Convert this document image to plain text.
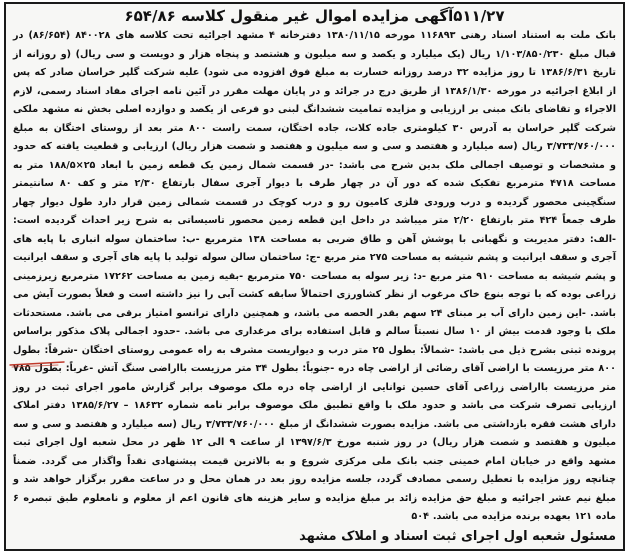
۵۱۱/۲۷آگهی مزایده اموال غیر منقول کلاسه ۶۵۴/۸۶

بانک ملت به استناد اسناد رهنی ۱۱۶۸۹۳ مورخه ۱۳۸۰/۱۱/۱۵ دفترخانه ۴ مشهد اجرائیه تحت کلاسه های ۸۴۰۰۲۸ (۸۶/۶۵۴) در قبال مبلغ ۱/۱۰۳/۸۵۰/۲۳۰ ریال (یک میلیارد و یکصد و سه میلیون و هشتصد و پنجاه هزار و دویست و سی ریال) (و روزانه از تاریخ ۱۳۸۶/۶/۳۱ تا روز مزایده ۳۲ درصد روزانه خسارت به مبلغ فوق افزوده می شود) علیه شرکت گلپر خراسان صادر که پس از ابلاغ اجرائیه در مورخه ۱۳۸۶/۱/۳۰ از طریق درج در جرائد و در پایان مهلت مقرر در آئین نامه اجرای مفاد اسناد رسمی، لازم الاجراء و تقاضای بانک مبنی بر ارزیابی و مزایده تمامیت ششدانگ لبنی دو فرعی از یکصد و دوازده اصلی بخش نه مشهد ملکی شرکت گلپر خراسان به آدرس ۳۰ کیلومتری جاده کلات، جاده اختگان، سمت راست ۸۰۰ متر بعد از روستای اختگان به مبلغ ۳/۷۳۳/۷۶۰/۰۰۰ ریال (سه میلیارد و هفتصد و سی و سه میلیون و هفتصد و شصت هزار ریال) ارزیابی و قطعیت یافته که حدود و مشخصات و توصیف اجمالی ملک بدین شرح می باشد: -در قسمت شمال زمین یک قطعه زمین با ابعاد ۲۵×۱۸۸/۵ متر به مساحت ۴۷۱۸ مترمربع تفکیک شده که دور آن در چهار طرف با دیوار آجری سفال بارتفاع ۲/۳۰ متر و کف ۸۰ سانتیمتر سنگچینی محصور گردیده و درب ورودی فلزی کامیون رو و درب کوچک در قسمت شمالی زمین قرار دارد طول دیوار چهار طرف جمعاً ۴۲۴ متر بارتفاع ۲/۲۰ متر میباشد در داخل این قطعه زمین محصور تاسیساتی به شرح زیر احداث گردیده است: -الف: دفتر مدیریت و نگهبانی با پوشش آهن و طاق ضربی به مساحت ۱۳۸ مترمربع -ب: ساختمان سوله انباری با پایه های آجری و سقف ایرانیت و پشم شیشه به مساحت ۲۷۵ متر مربع -ج: ساختمان سالن سوله تولید با پایه های آجری و سقف ایرانیت و پشم شیشه به مساحت ۹۱۰ متر مربع -د: زیر سوله به مساحت ۷۵۰ مترمربع -بقیه زمین به مساحت ۱۷۲۶۲ مترمربع زیرزمینی زراعی بوده که با توجه بنوع خاک مرغوب از نظر کشاورزی احتمالاً سابقه کشت آبی را نیز داشته است و فعلاً بصورت آیش می باشد. -این زمین دارای آب بر مبنای ۲۴ سهم بقدر الحصه می باشد، و همچنین دارای ترانسو امتیاز برقی می باشد. مستحدثات ملک با وجود قدمت بیش از ۱۰ سال نسبتاً سالم و قابل استفاده برای مرغداری می باشد. -حدود اجمالی پلاک مذکور براساس پرونده ثبتی بشرح ذیل می باشد: -شمالاً: بطول ۲۵ متر درب و دیواریست مشرف به راه عمومی روستای اختگان -شرقاً: بطول ۸۰۰ متر مرزیست با اراضی آقای رضائی از اراضی چاه دره -جنوباً: بطول ۳۴ متر مرزیست بااراضی سنگ آتش -غرباً: بطول ۷۸۵ متر مرزیست بااراضی زراعی آقای حسین توانایی از اراضی چاه دره ملک موصوف برابر گزارش مامور اجرای ثبت در روز ارزیابی تصرف شرکت می باشد و حدود ملک با واقع تطبیق ملک موصوف برابر نامه شماره ۱۸۶۳۲ – ۱۳۸۵/۶/۲۷ دفتر املاک دارای هشت فقره بازداشتی می باشد. مزایده بصورت ششدانگ از مبلغ ۳/۷۳۳/۷۶۰/۰۰۰ ریال (سه میلیارد و هفتصد و سی و سه میلیون و هفتصد و شصت هزار ریال) در روز شنبه مورخ ۱۳۹۷/۶/۳ از ساعت ۹ الی ۱۲ ظهر در محل شعبه اول اجرای ثبت مشهد واقع در خیابان امام خمینی جنب بانک ملی مرکزی شروع و به بالاترین قیمت پیشنهادی نقداً واگذار می گردد. ضمناً چنانچه روز مزایده با تعطیل رسمی مصادف گردد، جلسه مزایده روز بعد در همان محل و در ساعت مقرر برگزار خواهد شد و مبلغ نیم عشر اجرائیه و مبلغ حق مزایده زائد بر مبلغ مزایده و سایر هزینه های قانون اعم از معلوم و نامعلوم طبق تبصره ۶ ماده ۱۲۱ بعهده برنده مزایده می باشد. ۵۰۴

مسئول شعبه اول اجرای ثبت اسناد و املاک مشهد
